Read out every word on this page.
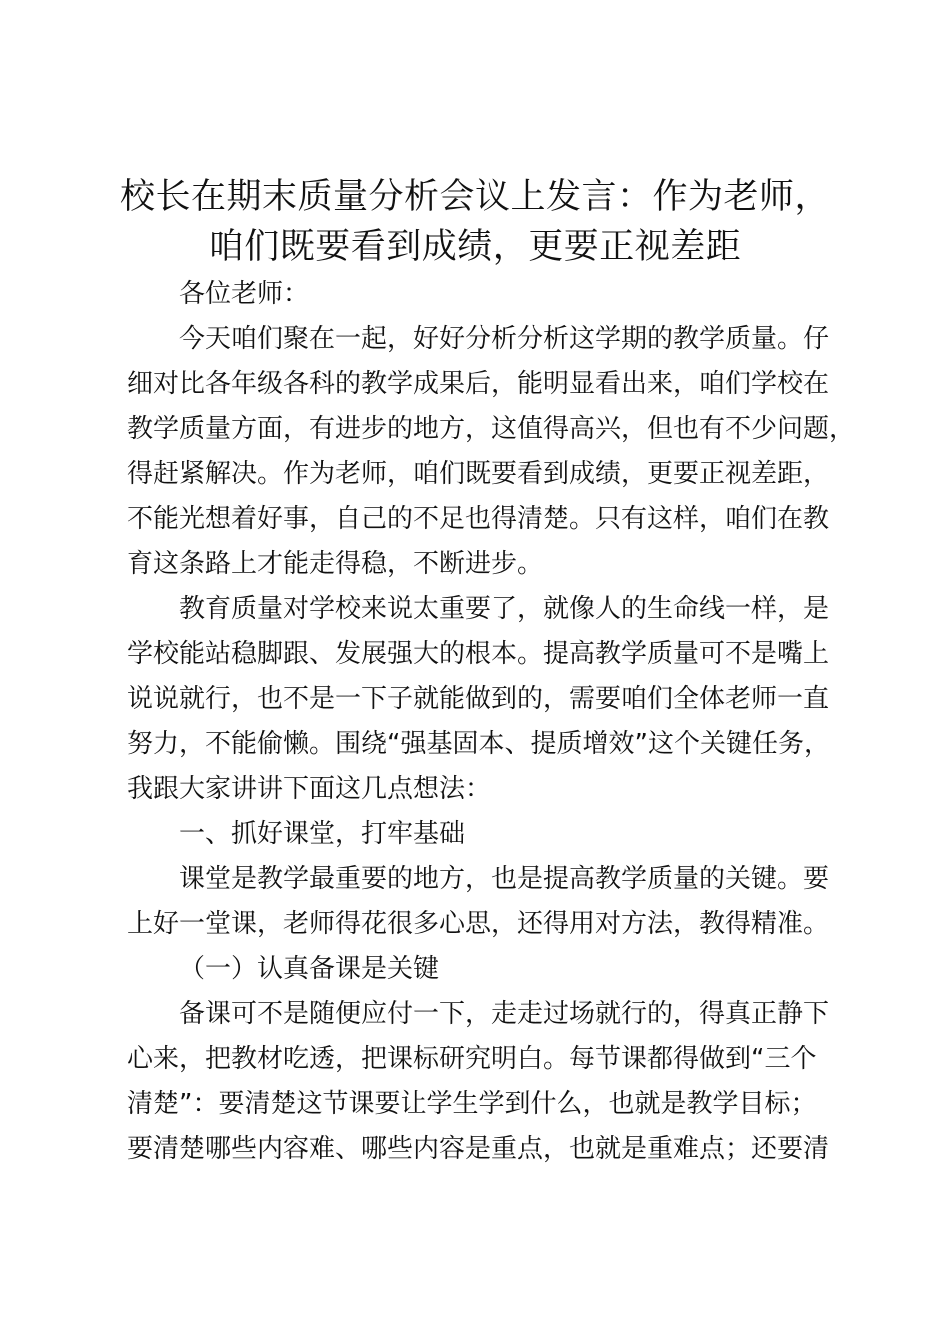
校长在期末质量分析会议上发言：作为老师，
咱们既要看到成绩，更要正视差距
各位老师：
今天咱们聚在一起，好好分析分析这学期的教学质量。仔
细对比各年级各科的教学成果后，能明显看出来，咱们学校在
教学质量方面，有进步的地方，这值得高兴，但也有不少问题，
得赶紧解决。作为老师，咱们既要看到成绩，更要正视差距，
不能光想着好事，自己的不足也得清楚。只有这样，咱们在教
育这条路上才能走得稳，不断进步。
教育质量对学校来说太重要了，就像人的生命线一样，是
学校能站稳脚跟、发展强大的根本。提高教学质量可不是嘴上
说说就行，也不是一下子就能做到的，需要咱们全体老师一直
努力，不能偷懒。围绕“强基固本、提质增效”这个关键任务，
我跟大家讲讲下面这几点想法：
一、抓好课堂，打牢基础
课堂是教学最重要的地方，也是提高教学质量的关键。要
上好一堂课，老师得花很多心思，还得用对方法，教得精准。
（一）认真备课是关键
备课可不是随便应付一下，走走过场就行的，得真正静下
心来，把教材吃透，把课标研究明白。每节课都得做到“三个
清楚”：要清楚这节课要让学生学到什么，也就是教学目标；
要清楚哪些内容难、哪些内容是重点，也就是重难点；还要清
